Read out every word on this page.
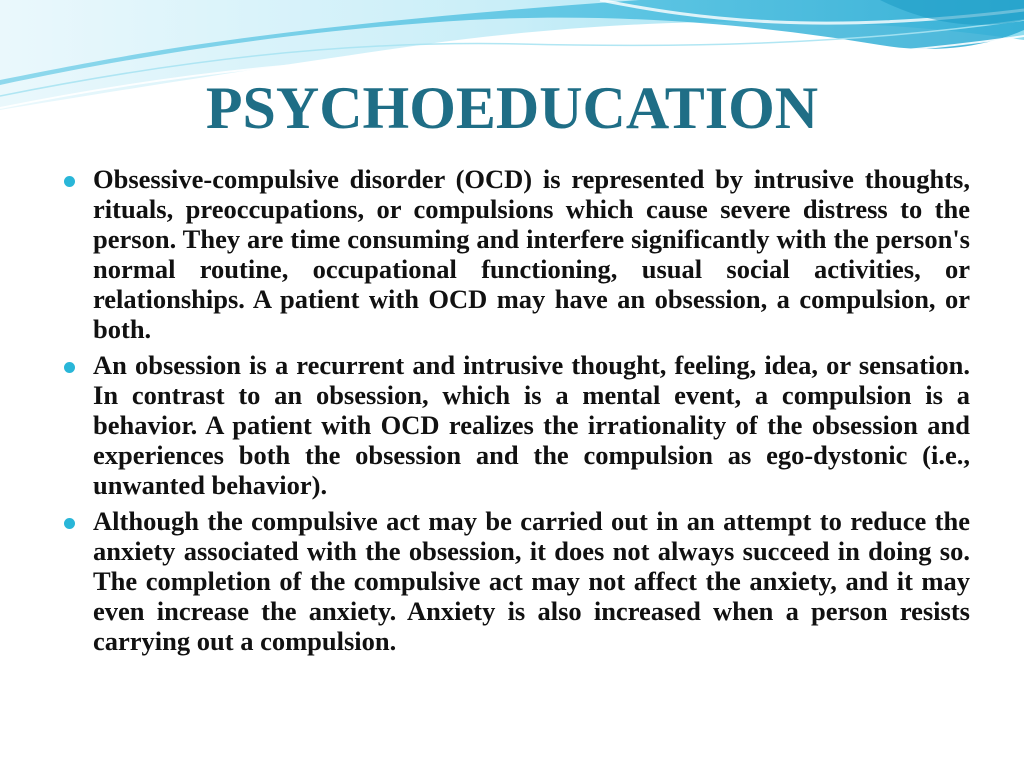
PSYCHOEDUCATION
Obsessive-compulsive disorder (OCD) is represented by intrusive thoughts, rituals, preoccupations, or compulsions which cause severe distress to the person. They are time consuming and interfere significantly with the person's normal routine, occupational functioning, usual social activities, or relationships. A patient with OCD may have an obsession, a compulsion, or both.
An obsession is a recurrent and intrusive thought, feeling, idea, or sensation. In contrast to an obsession, which is a mental event, a compulsion is a behavior. A patient with OCD realizes the irrationality of the obsession and experiences both the obsession and the compulsion as ego-dystonic (i.e., unwanted behavior).
Although the compulsive act may be carried out in an attempt to reduce the anxiety associated with the obsession, it does not always succeed in doing so. The completion of the compulsive act may not affect the anxiety, and it may even increase the anxiety. Anxiety is also increased when a person resists carrying out a compulsion.
